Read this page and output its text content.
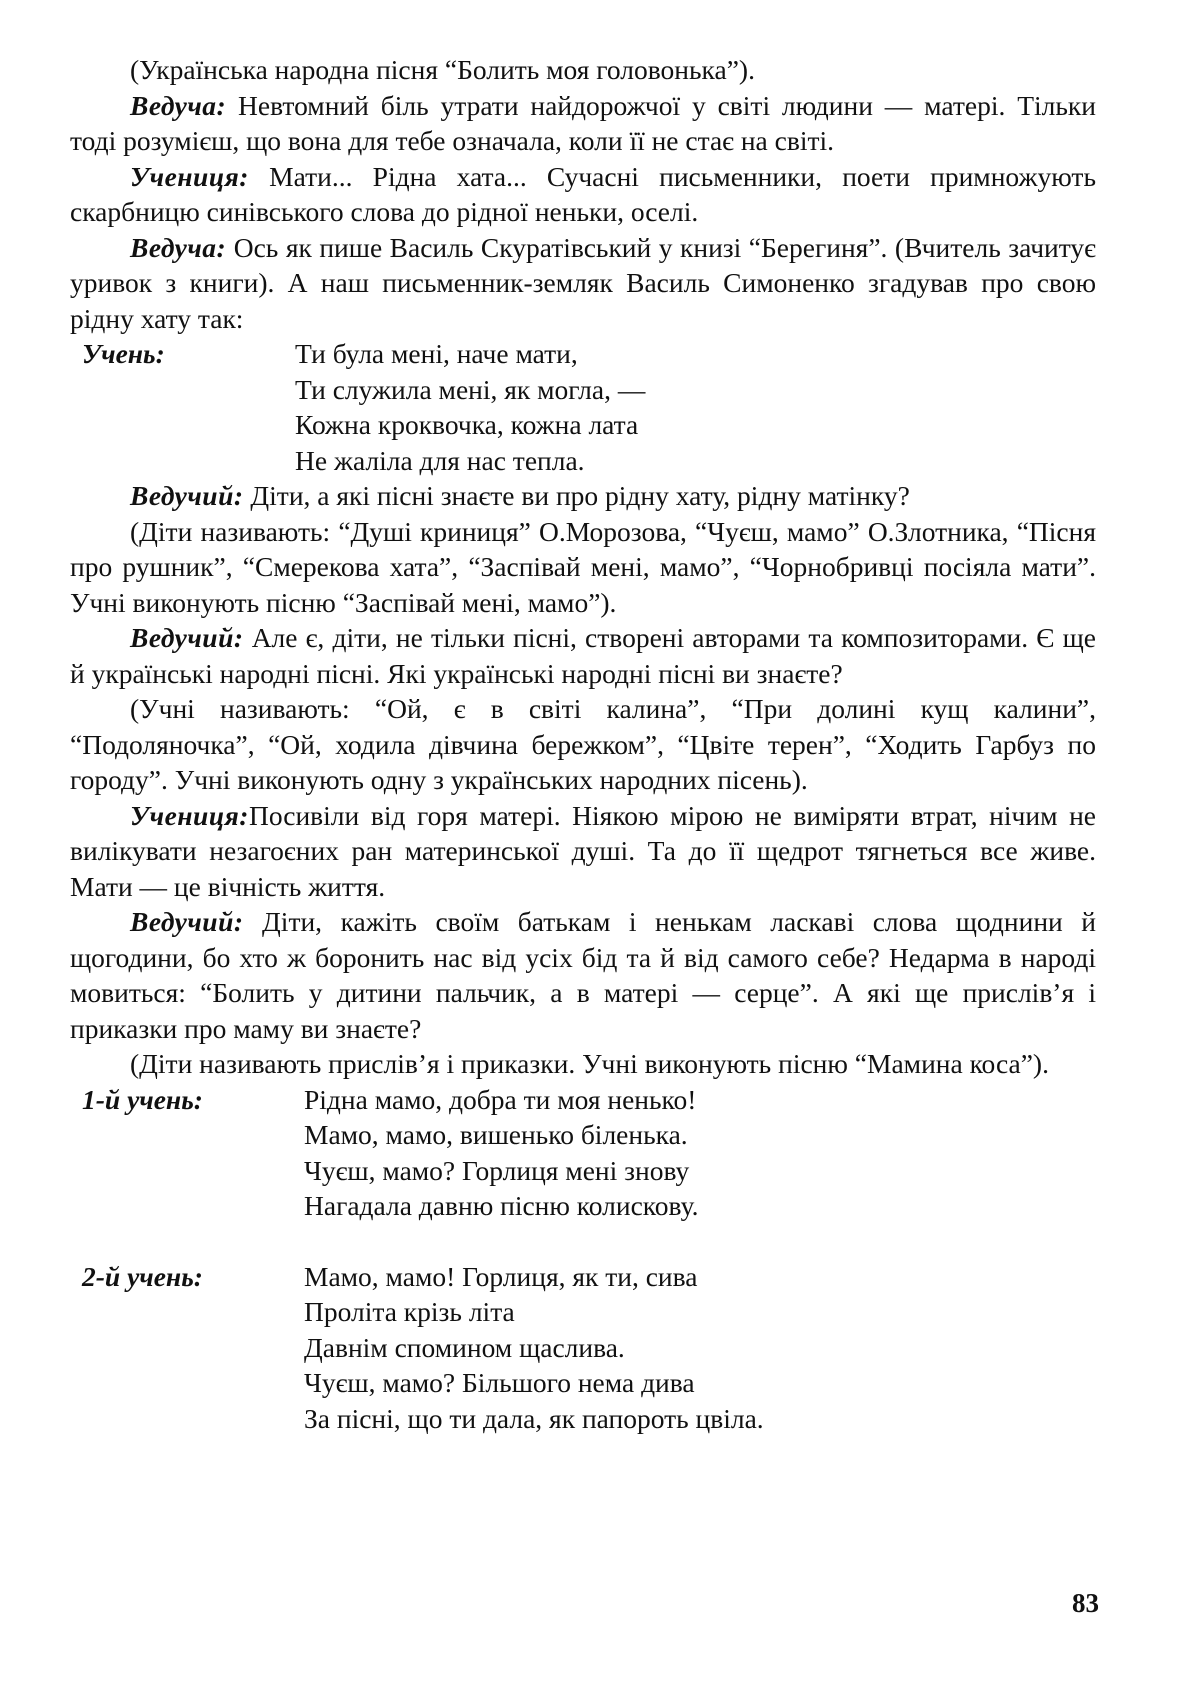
(Українська народна пісня “Болить моя головонька”).

Ведуча: Невтомний біль утрати найдорожчої у світі людини — матері. Тільки тоді розумієш, що вона для тебе означала, коли її не стає на світі.

Учениця: Мати... Рідна хата... Сучасні письменники, поети примножують скарбницю синівського слова до рідної неньки, оселі.

Ведуча: Ось як пише Василь Скуратівський у книзі “Берегиня”. (Вчитель зачитує уривок з книги). А наш письменник-земляк Василь Симоненко згадував про свою рідну хату так:

Учень:	Ти була мені, наче мати,
Ти служила мені, як могла, —
Кожна кроквочка, кожна лата
Не жаліла для нас тепла.

Ведучий: Діти, а які пісні знаєте ви про рідну хату, рідну матінку?

(Діти називають: “Душі криниця” О.Морозова, “Чуєш, мамо” О.Злотника, “Пісня про рушник”, “Смерекова хата”, “Заспівай мені, мамо”, “Чорнобривці посіяла мати”. Учні виконують пісню “Заспівай мені, мамо”).

Ведучий: Але є, діти, не тільки пісні, створені авторами та композиторами. Є ще й українські народні пісні. Які українські народні пісні ви знаєте?

(Учні називають: “Ой, є в світі калина”, “При долині кущ калини”, “Подоляночка”, “Ой, ходила дівчина бережком”, “Цвіте терен”, “Ходить Гарбуз по городу”. Учні виконують одну з українських народних пісень).

Учениця:Посивіли від горя матері. Ніякою мірою не виміряти втрат, нічим не вилікувати незагоєних ран материнської душі. Та до її щедрот тягнеться все живе. Мати — це вічність життя.

Ведучий: Діти, кажіть своїм батькам і ненькам ласкаві слова щоднини й щогодини, бо хто ж боронить нас від усіх бід та й від самого себе? Недарма в народі мовиться: “Болить у дитини пальчик, а в матері — серце”. А які ще прислів’я і приказки про маму ви знаєте?

(Діти називають прислів’я і приказки. Учні виконують пісню “Мамина коса”).

1-й учень:	Рідна мамо, добра ти моя ненько!
Мамо, мамо, вишенько біленька.
Чуєш, мамо? Горлиця мені знову
Нагадала давню пісню колискову.
2-й учень:	Мамо, мамо! Горлиця, як ти, сива
Проліта крізь літа
Давнім спомином щаслива.
Чуєш, мамо? Більшого нема дива
За пісні, що ти дала, як папороть цвіла.
83
